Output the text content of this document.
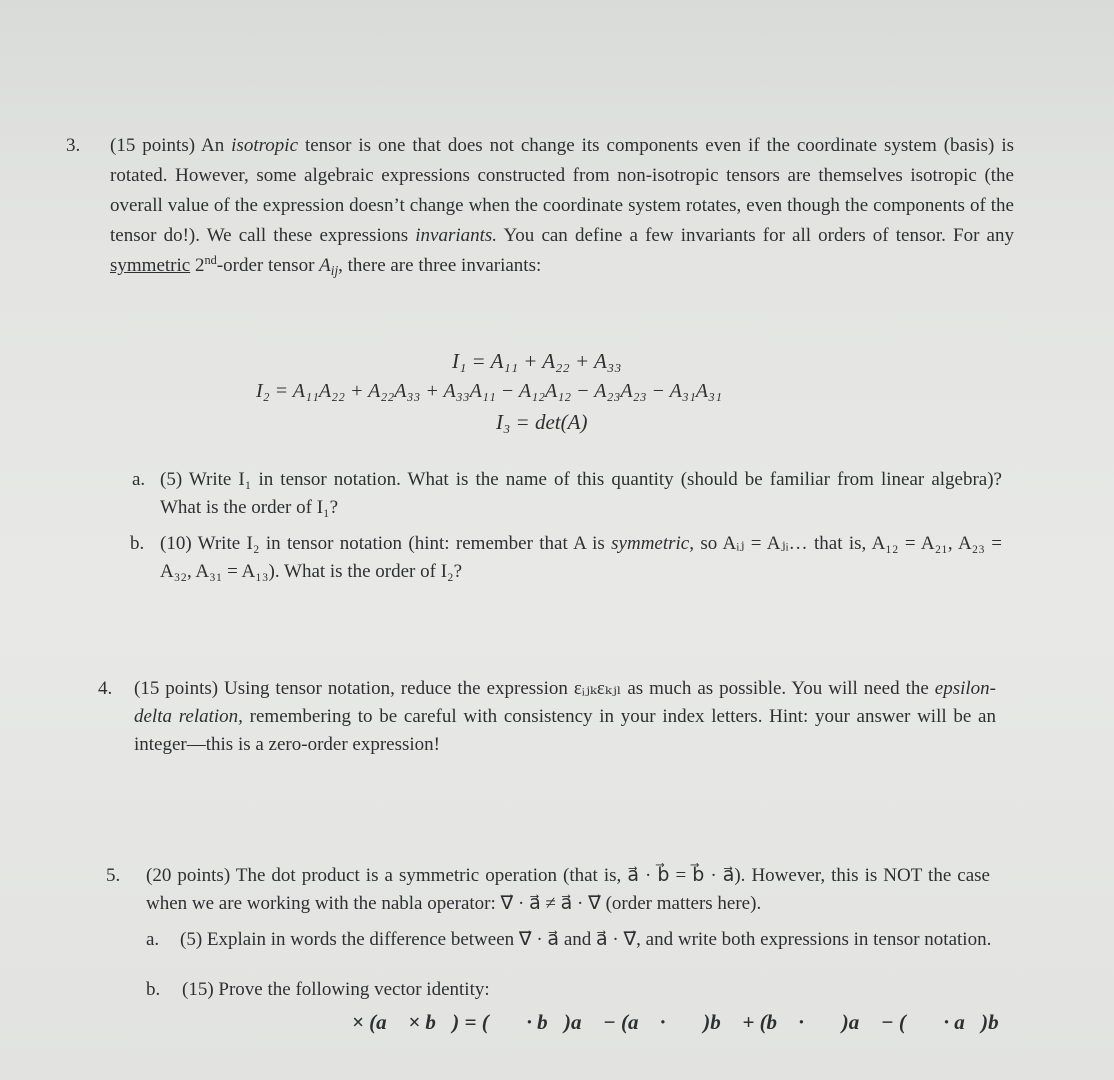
3. (15 points) An isotropic tensor is one that does not change its components even if the coordinate system (basis) is rotated. However, some algebraic expressions constructed from non-isotropic tensors are themselves isotropic (the overall value of the expression doesn’t change when the coordinate system rotates, even though the components of the tensor do!). We call these expressions invariants. You can define a few invariants for all orders of tensor. For any symmetric 2nd-order tensor $A_{ij}$, there are three invariants:

I₁ = A₁₁ + A₂₂ + A₃₃
I₂ = A₁₁A₂₂ + A₂₂A₃₃ + A₃₃A₁₁ − A₁₂A₁₂ − A₂₃A₂₃ − A₃₁A₃₁
I₃ = det(A)
a. (5) Write I₁ in tensor notation. What is the name of this quantity (should be familiar from linear algebra)? What is the order of I₁?

b. (10) Write I₂ in tensor notation (hint: remember that A is symmetric, so Aᵢⱼ = Aⱼᵢ… that is, A₁₂ = A₂₁, A₂₃ = A₃₂, A₃₁ = A₁₃). What is the order of I₂?

4. (15 points) Using tensor notation, reduce the expression εᵢⱼₖεₖⱼₗ as much as possible. You will need the epsilon-delta relation, remembering to be careful with consistency in your index letters. Hint: your answer will be an integer—this is a zero-order expression!

5. (20 points) The dot product is a symmetric operation (that is, a⃗ · b⃗ = b⃗ · a⃗). However, this is NOT the case when we are working with the nabla operator: ∇⃗ · a⃗ ≠ a⃗ · ∇⃗ (order matters here).

a. (5) Explain in words the difference between ∇⃗ · a⃗ and a⃗ · ∇⃗, and write both expressions in tensor notation.

b. (15) Prove the following vector identity:
∇⃗ × (a⃗ × b⃗) = (∇⃗ · b⃗)a⃗ − (a⃗ · ∇⃗)b⃗ + (b⃗ · ∇⃗)a⃗ − (∇⃗ · a⃗)b⃗
